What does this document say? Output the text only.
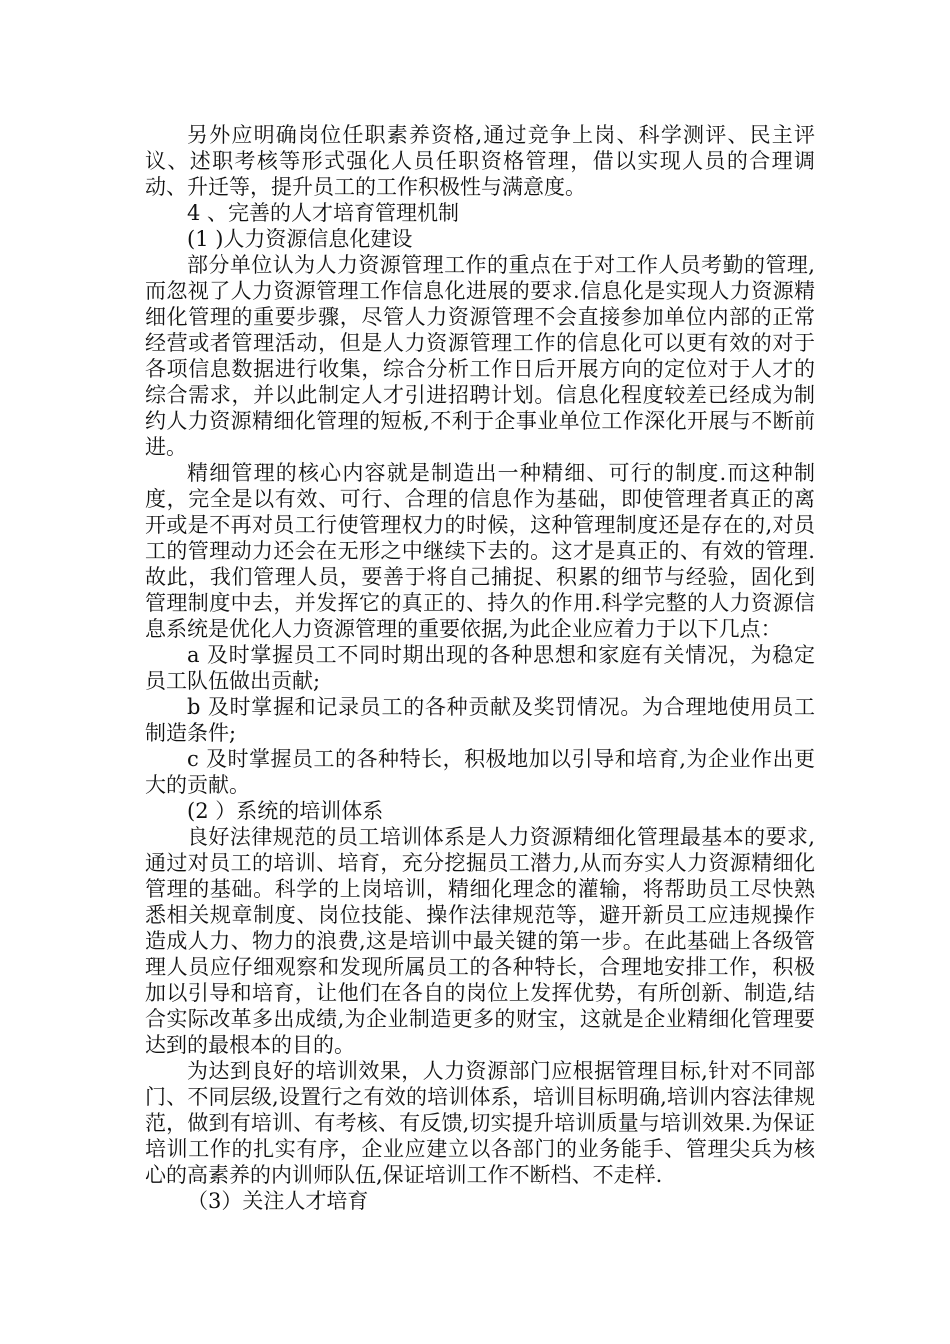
另外应明确岗位任职素养资格,通过竞争上岗、科学测评、民主评议、述职考核等形式强化人员任职资格管理，借以实现人员的合理调动、升迁等，提升员工的工作积极性与满意度。

4 、完善的人才培育管理机制

(1 )人力资源信息化建设

部分单位认为人力资源管理工作的重点在于对工作人员考勤的管理,而忽视了人力资源管理工作信息化进展的要求.信息化是实现人力资源精细化管理的重要步骤，尽管人力资源管理不会直接参加单位内部的正常经营或者管理活动，但是人力资源管理工作的信息化可以更有效的对于各项信息数据进行收集，综合分析工作日后开展方向的定位对于人才的综合需求，并以此制定人才引进招聘计划。信息化程度较差已经成为制约人力资源精细化管理的短板,不利于企事业单位工作深化开展与不断前进。

精细管理的核心内容就是制造出一种精细、可行的制度.而这种制度，完全是以有效、可行、合理的信息作为基础，即使管理者真正的离开或是不再对员工行使管理权力的时候，这种管理制度还是存在的,对员工的管理动力还会在无形之中继续下去的。这才是真正的、有效的管理.故此，我们管理人员，要善于将自己捕捉、积累的细节与经验，固化到管理制度中去，并发挥它的真正的、持久的作用.科学完整的人力资源信息系统是优化人力资源管理的重要依据,为此企业应着力于以下几点：

a 及时掌握员工不同时期出现的各种思想和家庭有关情况，为稳定员工队伍做出贡献;

b 及时掌握和记录员工的各种贡献及奖罚情况。为合理地使用员工制造条件;

c 及时掌握员工的各种特长，积极地加以引导和培育,为企业作出更大的贡献。

(2 ）系统的培训体系

良好法律规范的员工培训体系是人力资源精细化管理最基本的要求,通过对员工的培训、培育，充分挖掘员工潜力,从而夯实人力资源精细化管理的基础。科学的上岗培训，精细化理念的灌输，将帮助员工尽快熟悉相关规章制度、岗位技能、操作法律规范等，避开新员工应违规操作造成人力、物力的浪费,这是培训中最关键的第一步。在此基础上各级管理人员应仔细观察和发现所属员工的各种特长，合理地安排工作，积极加以引导和培育，让他们在各自的岗位上发挥优势，有所创新、制造,结合实际改革多出成绩,为企业制造更多的财宝，这就是企业精细化管理要达到的最根本的目的。

为达到良好的培训效果，人力资源部门应根据管理目标,针对不同部门、不同层级,设置行之有效的培训体系，培训目标明确,培训内容法律规范，做到有培训、有考核、有反馈,切实提升培训质量与培训效果.为保证培训工作的扎实有序，企业应建立以各部门的业务能手、管理尖兵为核心的高素养的内训师队伍,保证培训工作不断档、不走样.

（3）关注人才培育
